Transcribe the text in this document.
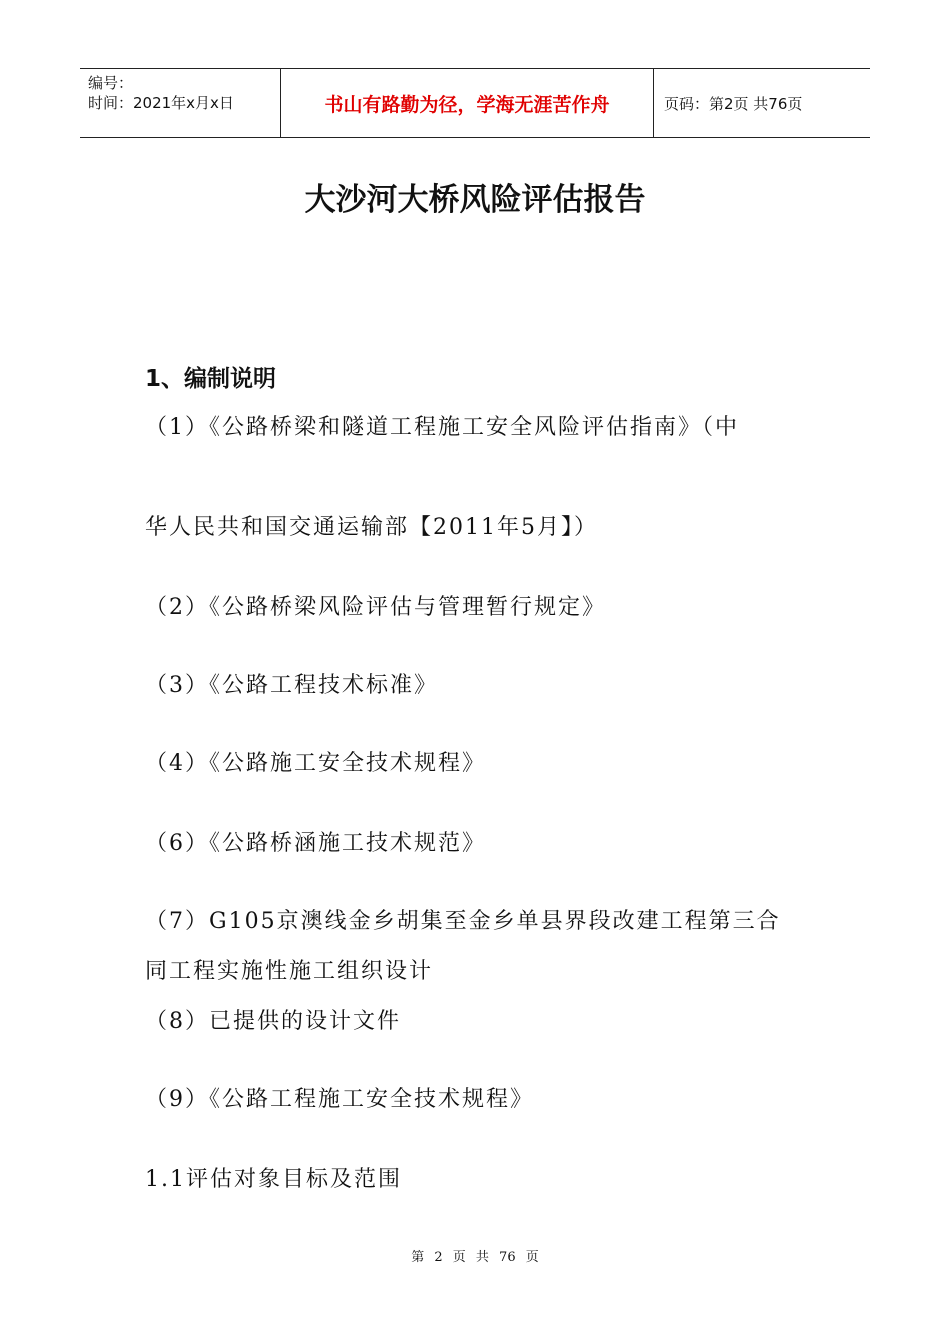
编号：
时间：2021年x月x日	书山有路勤为径，学海无涯苦作舟	页码：第2页 共76页
大沙河大桥风险评估报告
1、编制说明

（1）《公路桥梁和隧道工程施工安全风险评估指南》（中

华人民共和国交通运输部【2011年5月】）

（2）《公路桥梁风险评估与管理暂行规定》

（3）《公路工程技术标准》

（4）《公路施工安全技术规程》

（6）《公路桥涵施工技术规范》

（7）G105京澳线金乡胡集至金乡单县界段改建工程第三合

同工程实施性施工组织设计

（8）已提供的设计文件

（9）《公路工程施工安全技术规程》

1.1评估对象目标及范围

第 2 页 共 76 页
